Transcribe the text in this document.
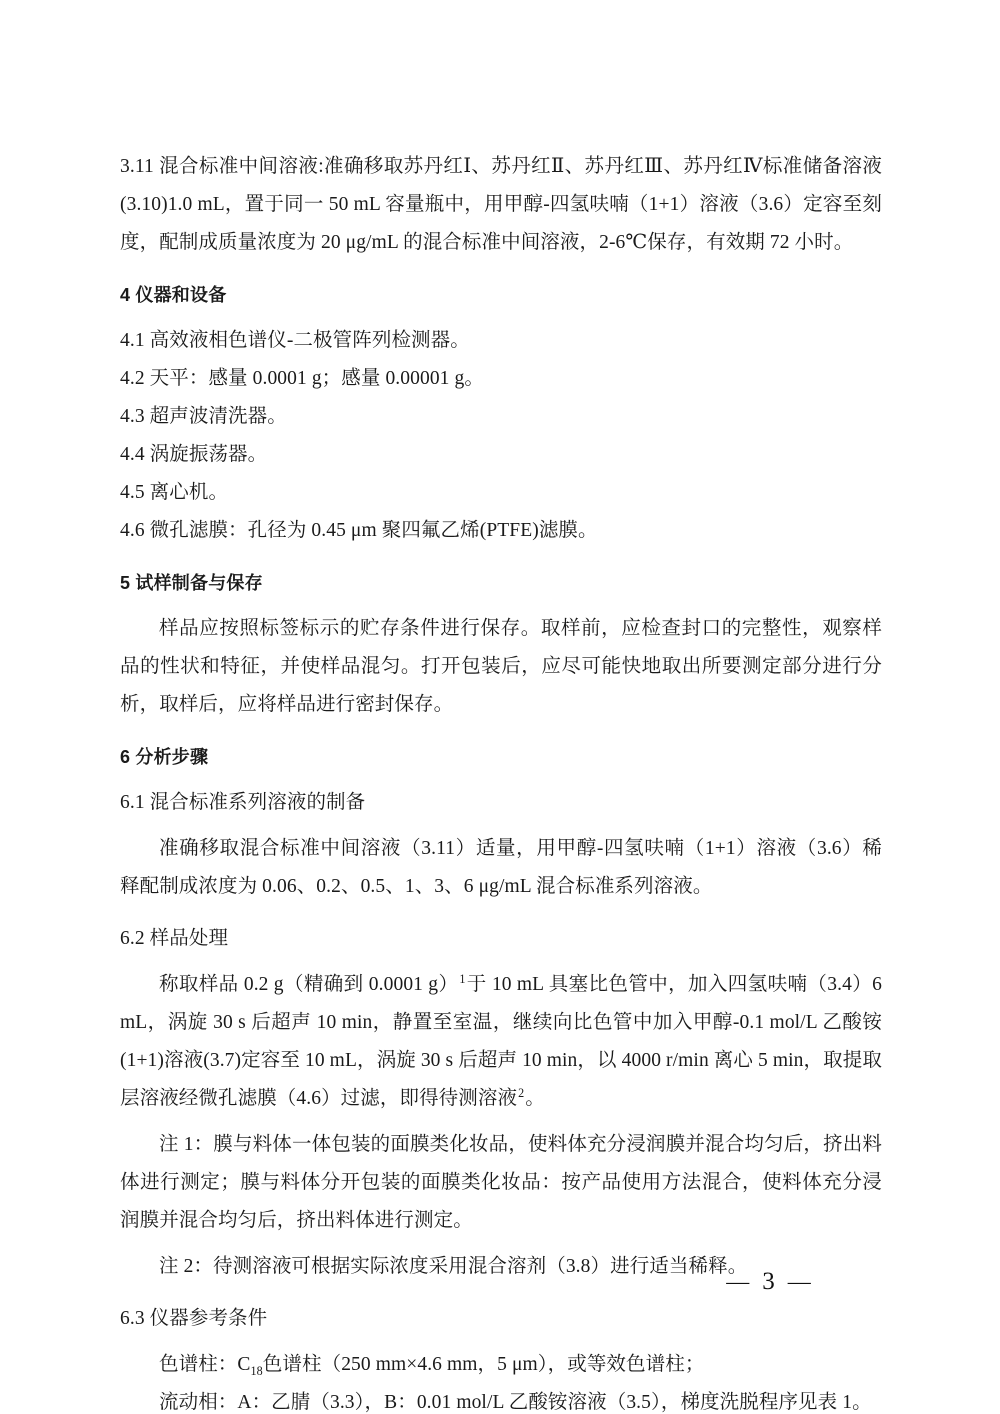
3.11 混合标准中间溶液:准确移取苏丹红Ⅰ、苏丹红Ⅱ、苏丹红Ⅲ、苏丹红Ⅳ标准储备溶液(3.10)1.0 mL，置于同一 50 mL 容量瓶中，用甲醇-四氢呋喃（1+1）溶液（3.6）定容至刻度，配制成质量浓度为 20 μg/mL 的混合标准中间溶液，2-6℃保存，有效期 72 小时。

4 仪器和设备

4.1 高效液相色谱仪-二极管阵列检测器。

4.2 天平：感量 0.0001 g；感量 0.00001 g。

4.3 超声波清洗器。

4.4 涡旋振荡器。

4.5 离心机。

4.6 微孔滤膜：孔径为 0.45 μm 聚四氟乙烯(PTFE)滤膜。

5 试样制备与保存

样品应按照标签标示的贮存条件进行保存。取样前，应检查封口的完整性，观察样品的性状和特征，并使样品混匀。打开包装后，应尽可能快地取出所要测定部分进行分析，取样后，应将样品进行密封保存。

6 分析步骤

6.1 混合标准系列溶液的制备

准确移取混合标准中间溶液（3.11）适量，用甲醇-四氢呋喃（1+1）溶液（3.6）稀释配制成浓度为 0.06、0.2、0.5、1、3、6 μg/mL 混合标准系列溶液。

6.2 样品处理

称取样品 0.2 g（精确到 0.0001 g）$^1$于 10 mL 具塞比色管中，加入四氢呋喃（3.4）6 mL，涡旋 30 s 后超声 10 min，静置至室温，继续向比色管中加入甲醇-0.1 mol/L 乙酸铵(1+1)溶液(3.7)定容至 10 mL，涡旋 30 s 后超声 10 min，以 4000 r/min 离心 5 min，取提取层溶液经微孔滤膜（4.6）过滤，即得待测溶液$^2$。

注 1：膜与料体一体包装的面膜类化妆品，使料体充分浸润膜并混合均匀后，挤出料体进行测定；膜与料体分开包装的面膜类化妆品：按产品使用方法混合，使料体充分浸润膜并混合均匀后，挤出料体进行测定。

注 2：待测溶液可根据实际浓度采用混合溶剂（3.8）进行适当稀释。

6.3 仪器参考条件

色谱柱：$C_{18}$色谱柱（250 mm×4.6 mm，5 μm），或等效色谱柱；

流动相：A：乙腈（3.3），B：0.01 mol/L 乙酸铵溶液（3.5），梯度洗脱程序见表 1。

— 3 —
